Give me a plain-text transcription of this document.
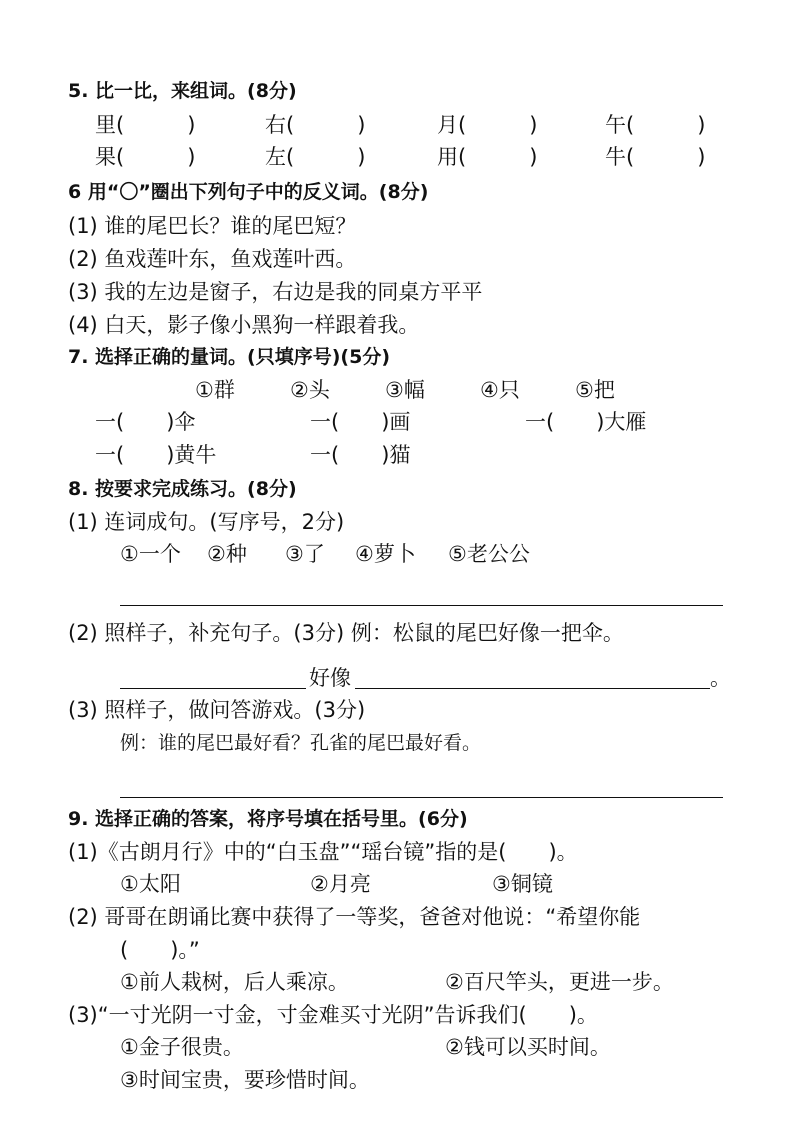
5. 比一比，来组词。(8分)
里(　　　)	右(　　　)	月(　　　)	午(　　　)
果(　　　)	左(　　　)	用(　　　)	牛(　　　)
6 用“〇”圈出下列句子中的反义词。(8分)
(1) 谁的尾巴长？谁的尾巴短？
(2) 鱼戏莲叶东，鱼戏莲叶西。
(3) 我的左边是窗子，右边是我的同桌方平平
(4) 白天，影子像小黑狗一样跟着我。
7. 选择正确的量词。(只填序号)(5分)
①群	②头	③幅	④只	⑤把
一(　　)伞	一(　　)画	一(　　)大雁
一(　　)黄牛	一(　　)猫
8. 按要求完成练习。(8分)
(1) 连词成句。(写序号，2分)
①一个 ②种 ③了 ④萝卜 ⑤老公公
(2) 照样子，补充句子。(3分) 例：松鼠的尾巴好像一把伞。
好像	。
(3) 照样子，做问答游戏。(3分)
例：谁的尾巴最好看？孔雀的尾巴最好看。
9. 选择正确的答案，将序号填在括号里。(6分)
(1)《古朗月行》中的“白玉盘”“瑶台镜”指的是(　　)。
①太阳	②月亮	③铜镜
(2) 哥哥在朗诵比赛中获得了一等奖，爸爸对他说：“希望你能
(　　)。”
①前人栽树，后人乘凉。	②百尺竿头，更进一步。
(3)“一寸光阴一寸金，寸金难买寸光阴”告诉我们(　　)。
①金子很贵。	②钱可以买时间。
③时间宝贵，要珍惜时间。
